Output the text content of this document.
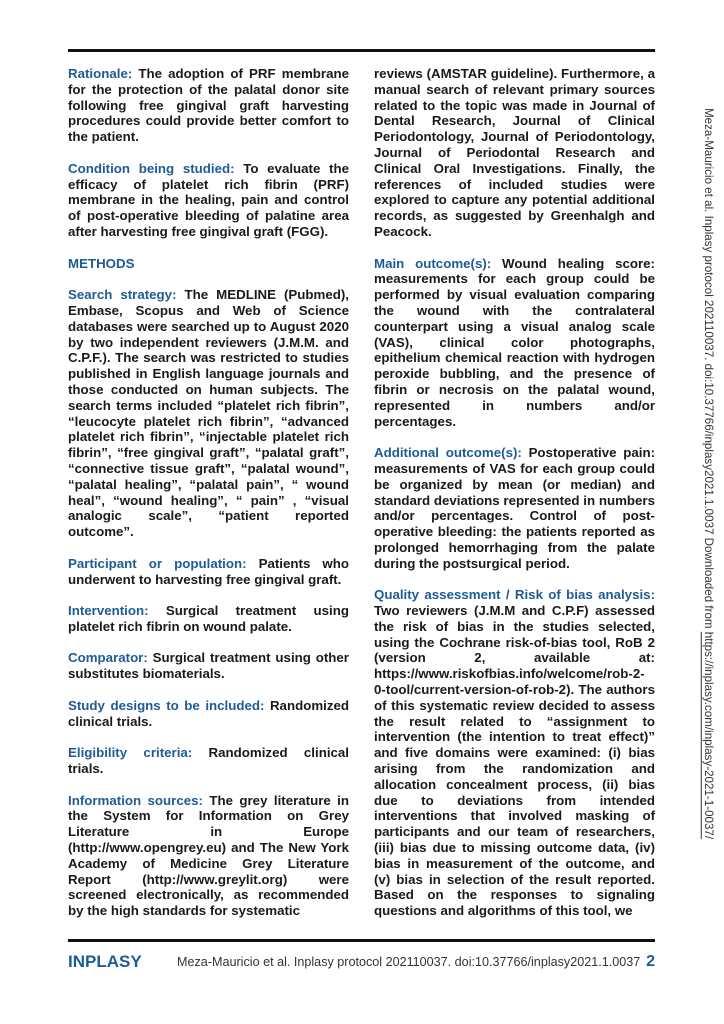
Rationale: The adoption of PRF membrane for the protection of the palatal donor site following free gingival graft harvesting procedures could provide better comfort to the patient.

Condition being studied: To evaluate the efficacy of platelet rich fibrin (PRF) membrane in the healing, pain and control of post-operative bleeding of palatine area after harvesting free gingival graft (FGG).

METHODS

Search strategy: The MEDLINE (Pubmed), Embase, Scopus and Web of Science databases were searched up to August 2020 by two independent reviewers (J.M.M. and C.P.F.). The search was restricted to studies published in English language journals and those conducted on human subjects. The search terms included “platelet rich fibrin”, “leucocyte platelet rich fibrin”, “advanced platelet rich fibrin”, “injectable platelet rich fibrin”, “free gingival graft”, “palatal graft”, “connective tissue graft”, “palatal wound”, “palatal healing”, “palatal pain”, “ wound heal”, “wound healing”, “ pain” , “visual analogic scale”, “patient reported outcome”.

Participant or population: Patients who underwent to harvesting free gingival graft.

Intervention: Surgical treatment using platelet rich fibrin on wound palate.

Comparator: Surgical treatment using other substitutes biomaterials.

Study designs to be included: Randomized clinical trials.

Eligibility criteria: Randomized clinical trials.

Information sources: The grey literature in the System for Information on Grey Literature in Europe (http://www.opengrey.eu) and The New York Academy of Medicine Grey Literature Report (http://www.greylit.org) were screened electronically, as recommended by the high standards for systematic

reviews (AMSTAR guideline). Furthermore, a manual search of relevant primary sources related to the topic was made in Journal of Dental Research, Journal of Clinical Periodontology, Journal of Periodontology, Journal of Periodontal Research and Clinical Oral Investigations. Finally, the references of included studies were explored to capture any potential additional records, as suggested by Greenhalgh and Peacock.

Main outcome(s): Wound healing score: measurements for each group could be performed by visual evaluation comparing the wound with the contralateral counterpart using a visual analog scale (VAS), clinical color photographs, epithelium chemical reaction with hydrogen peroxide bubbling, and the presence of fibrin or necrosis on the palatal wound, represented in numbers and/or percentages.

Additional outcome(s): Postoperative pain: measurements of VAS for each group could be organized by mean (or median) and standard deviations represented in numbers and/or percentages. Control of post-operative bleeding: the patients reported as prolonged hemorrhaging from the palate during the postsurgical period.

Quality assessment / Risk of bias analysis: Two reviewers (J.M.M and C.P.F) assessed the risk of bias in the studies selected, using the Cochrane risk-of-bias tool, RoB 2 (version 2, available at: https://www.riskofbias.info/welcome/rob-2-0-tool/current-version-of-rob-2). The authors of this systematic review decided to assess the result related to “assignment to intervention (the intention to treat effect)” and five domains were examined: (i) bias arising from the randomization and allocation concealment process, (ii) bias due to deviations from intended interventions that involved masking of participants and our team of researchers, (iii) bias due to missing outcome data, (iv) bias in measurement of the outcome, and (v) bias in selection of the result reported. Based on the responses to signaling questions and algorithms of this tool, we

Meza-Mauricio et al. Inplasy protocol 202110037. doi:10.37766/inplasy2021.1.0037 Downloaded from https://inplasy.com/inplasy-2021-1-0037/
INPLASY	Meza-Mauricio et al. Inplasy protocol 202110037. doi:10.37766/inplasy2021.1.0037 2
